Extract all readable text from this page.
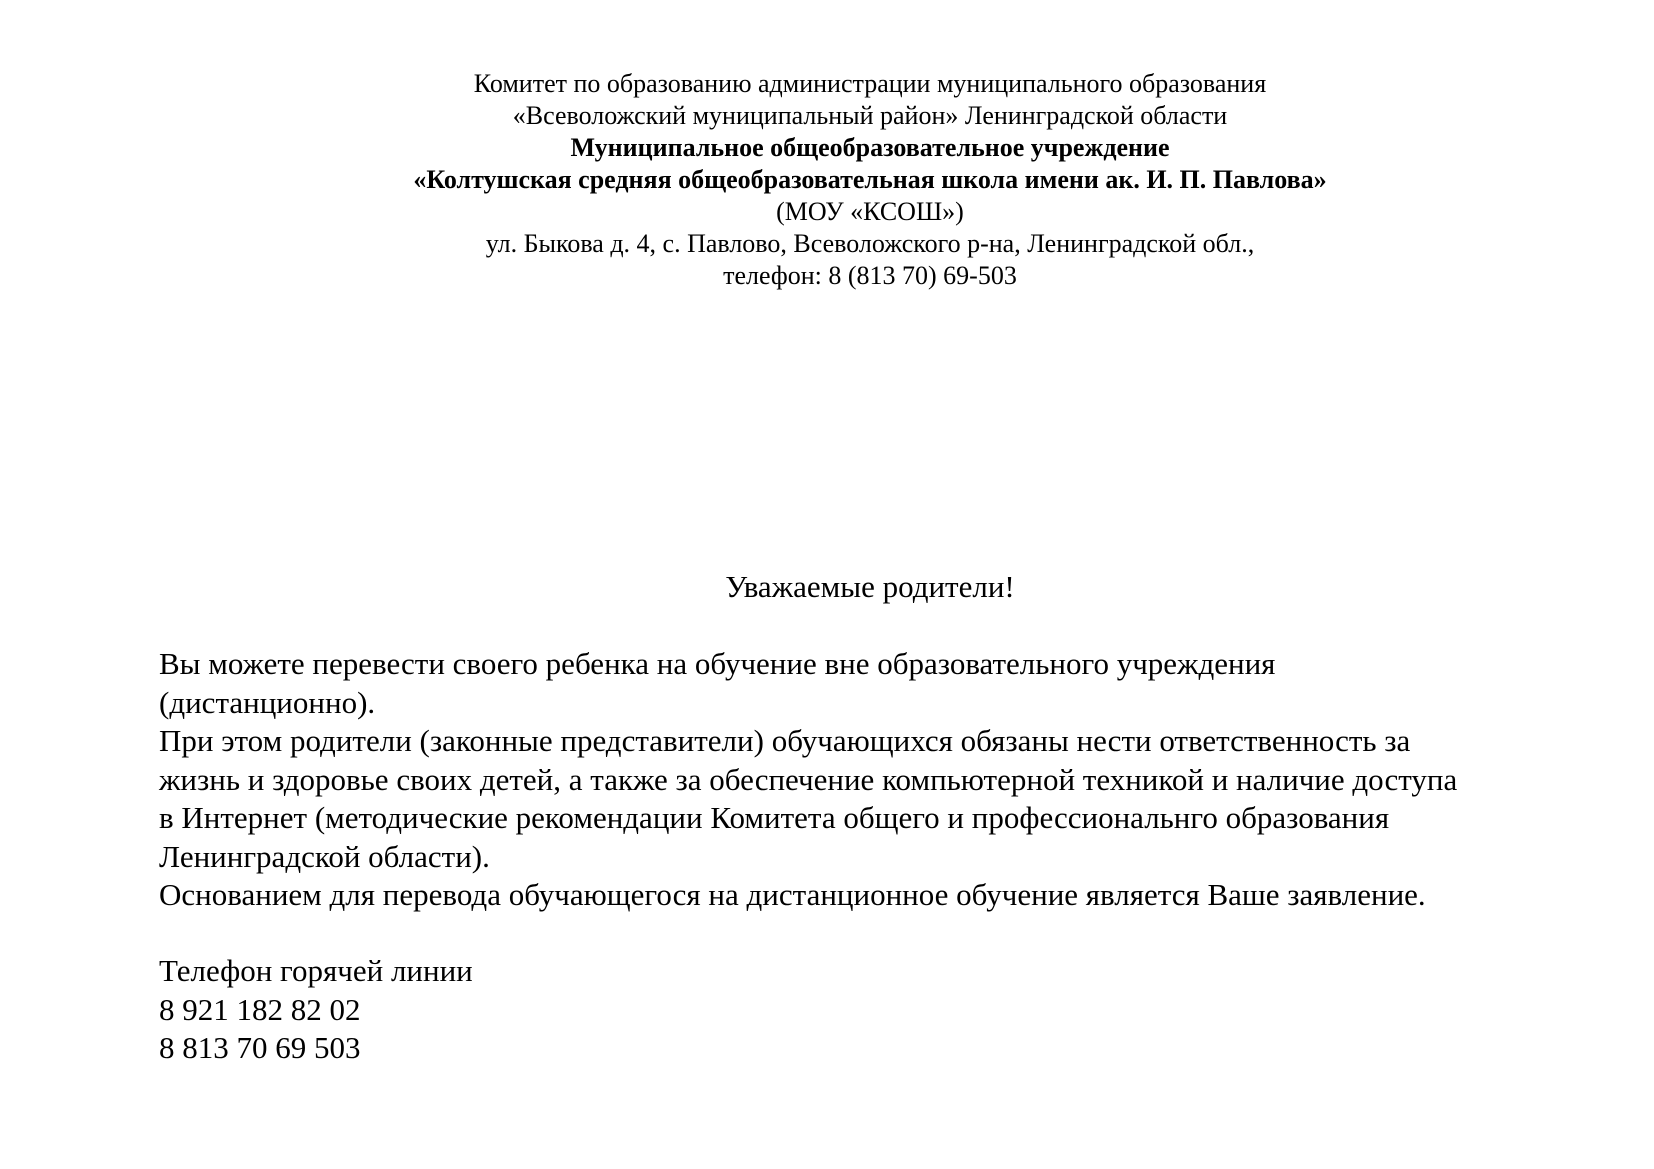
Комитет по образованию администрации муниципального образования
«Всеволожский муниципальный район» Ленинградской области
Муниципальное общеобразовательное учреждение
«Колтушская средняя общеобразовательная школа имени ак. И. П. Павлова»
(МОУ «КСОШ»)
ул. Быкова д. 4, с. Павлово, Всеволожского р-на, Ленинградской обл.,
телефон: 8 (813 70) 69-503
Уважаемые родители!
Вы можете перевести своего ребенка на обучение вне образовательного учреждения
(дистанционно).
При этом родители (законные представители) обучающихся обязаны нести ответственность за
жизнь и здоровье своих детей, а также за обеспечение компьютерной техникой и наличие доступа
в Интернет (методические рекомендации Комитета общего и профессиональнго образования
Ленинградской области).
Основанием для перевода обучающегося на дистанционное обучение является Ваше заявление.
Телефон горячей линии
8 921 182 82 02
8 813 70 69 503
